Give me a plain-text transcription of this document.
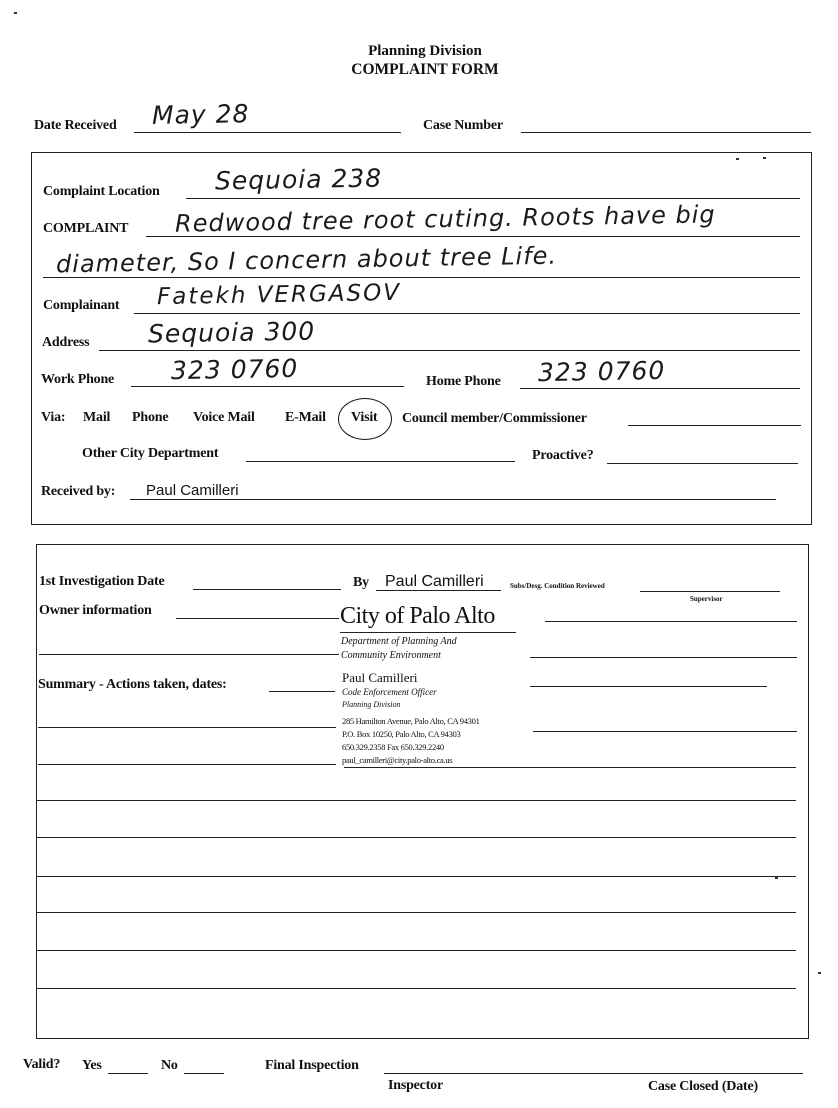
Planning Division
COMPLAINT FORM
Date Received May 28	Case Number
Complaint Location Sequoia 238
COMPLAINT Redwood tree root cuting. Roots have big
diameter, So I concern about tree Life.
Complainant Fatekh VERGASOV
Address Sequoia 300
Work Phone 323 0760	Home Phone 323 0760
Via: Mail Phone Voice Mail E-Mail Visit Council member/Commissioner
Other City Department	Proactive?
Received by: Paul Camilleri
1st Investigation Date	By Paul Camilleri	Subs/Desg. Condition Reviewed
Supervisor
Owner information
Summary - Actions taken, dates:
City of Palo Alto
Department of Planning And
Community Environment
Paul Camilleri
Code Enforcement Officer
Planning Division
285 Hamilton Avenue, Palo Alto, CA 94301
P.O. Box 10250, Palo Alto, CA 94303
650.329.2358 Fax 650.329.2240
paul_camilleri@city.palo-alto.ca.us
Valid? Yes	No	Final Inspection
Inspector	Case Closed (Date)
